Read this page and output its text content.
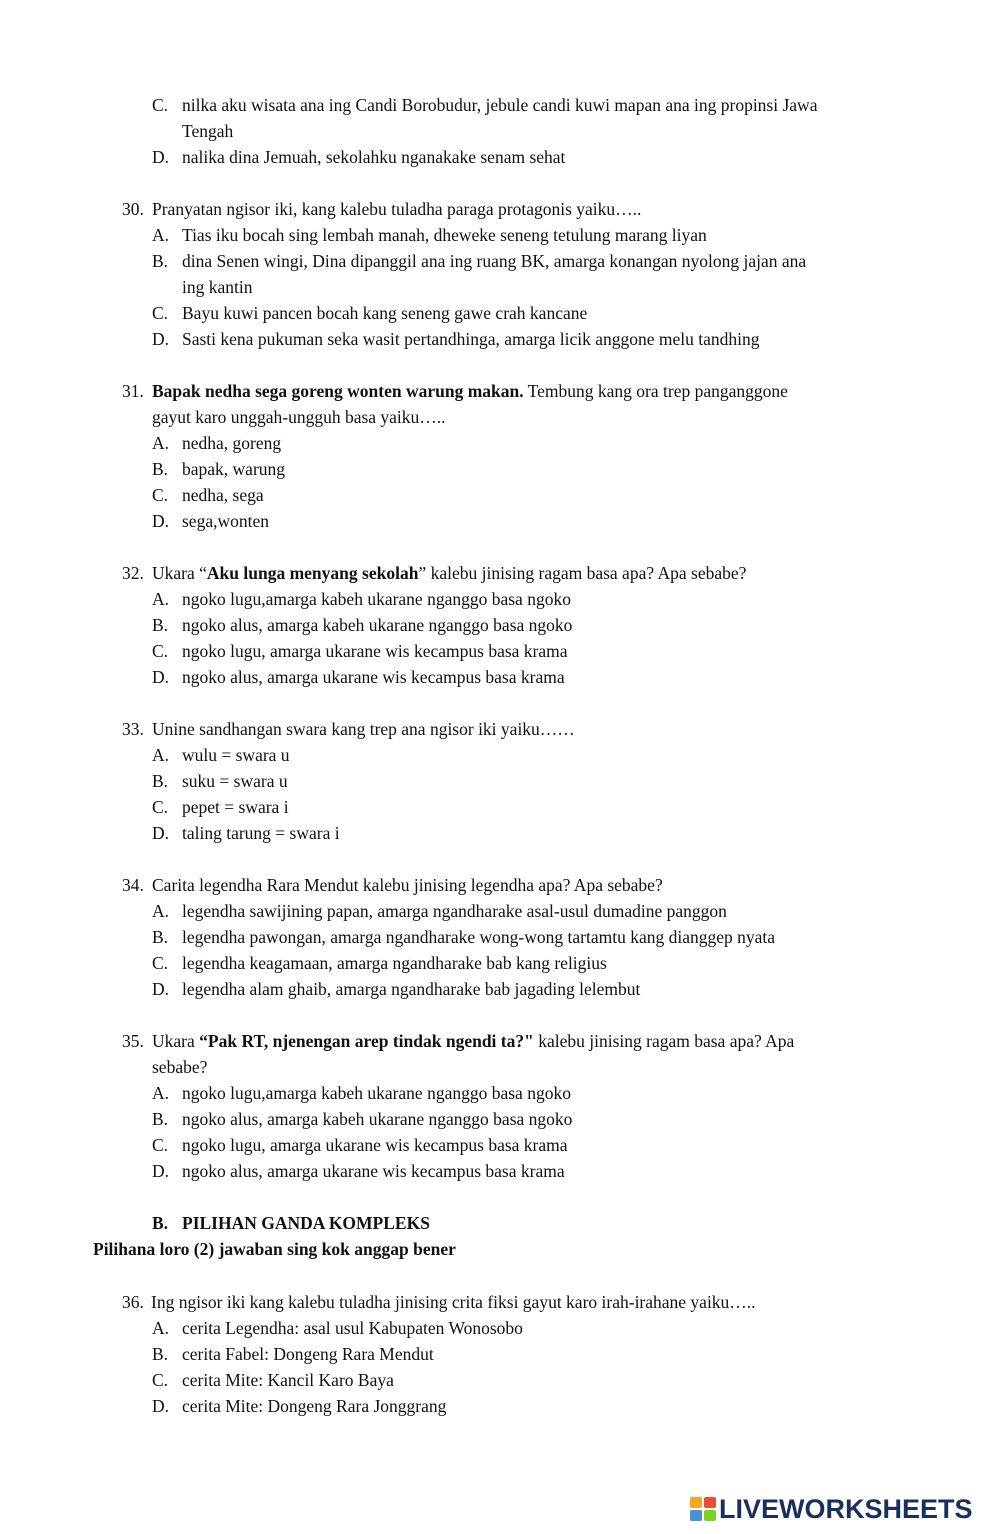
C. nilka aku wisata ana ing Candi Borobudur, jebule candi kuwi mapan ana ing propinsi Jawa
Tengah
D. nalika dina Jemuah, sekolahku nganakake senam sehat
30. Pranyatan ngisor iki, kang kalebu tuladha paraga protagonis yaiku…..
A. Tias iku bocah sing lembah manah, dheweke seneng tetulung marang liyan
B. dina Senen wingi, Dina dipanggil ana ing ruang BK, amarga konangan nyolong jajan ana
ing kantin
C. Bayu kuwi pancen bocah kang seneng gawe crah kancane
D. Sasti kena pukuman seka wasit pertandhinga, amarga licik anggone melu tandhing
31. Bapak nedha sega goreng wonten warung makan. Tembung kang ora trep panganggone
gayut karo unggah-ungguh basa yaiku…..
A. nedha, goreng
B. bapak, warung
C. nedha, sega
D. sega,wonten
32. Ukara “Aku lunga menyang sekolah” kalebu jinising ragam basa apa? Apa sebabe?
A. ngoko lugu,amarga kabeh ukarane nganggo basa ngoko
B. ngoko alus, amarga kabeh ukarane nganggo basa ngoko
C. ngoko lugu, amarga ukarane wis kecampus basa krama
D. ngoko alus, amarga ukarane wis kecampus basa krama
33. Unine sandhangan swara kang trep ana ngisor iki yaiku……
A. wulu = swara u
B. suku = swara u
C. pepet = swara i
D. taling tarung = swara i
34. Carita legendha Rara Mendut kalebu jinising legendha apa? Apa sebabe?
A. legendha sawijining papan, amarga ngandharake asal-usul dumadine panggon
B. legendha pawongan, amarga ngandharake wong-wong tartamtu kang dianggep nyata
C. legendha keagamaan, amarga ngandharake bab kang religius
D. legendha alam ghaib, amarga ngandharake bab jagading lelembut
35. Ukara “Pak RT, njenengan arep tindak ngendi ta?" kalebu jinising ragam basa apa? Apa
sebabe?
A. ngoko lugu,amarga kabeh ukarane nganggo basa ngoko
B. ngoko alus, amarga kabeh ukarane nganggo basa ngoko
C. ngoko lugu, amarga ukarane wis kecampus basa krama
D. ngoko alus, amarga ukarane wis kecampus basa krama
B. PILIHAN GANDA KOMPLEKS
Pilihana loro (2) jawaban sing kok anggap bener
36. Ing ngisor iki kang kalebu tuladha jinising crita fiksi gayut karo irah-irahane yaiku…..
A. cerita Legendha: asal usul Kabupaten Wonosobo
B. cerita Fabel: Dongeng Rara Mendut
C. cerita Mite: Kancil Karo Baya
D. cerita Mite: Dongeng Rara Jonggrang
LIVEWORKSHEETS
